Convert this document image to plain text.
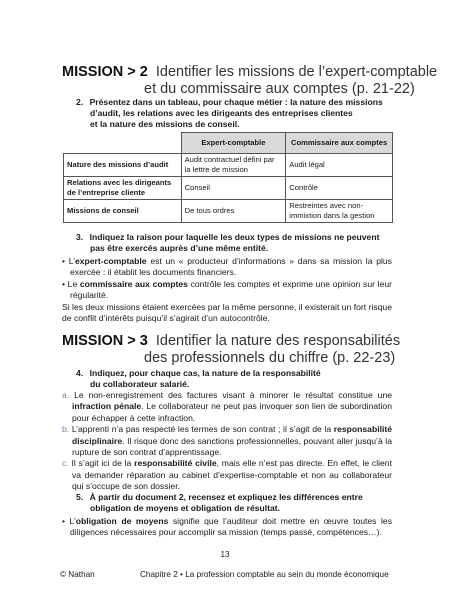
MISSION > 2 Identifier les missions de l’expert-comptable
et du commissaire aux comptes (p. 21-22)
2. Présentez dans un tableau, pour chaque métier : la nature des missions
d’audit, les relations avec les dirigeants des entreprises clientes
et la nature des missions de conseil.
	Expert-comptable	Commissaire aux comptes
Nature des missions d’audit	Audit contractuel défini par la lettre de mission	Audit légal
Relations avec les dirigeants de l’entreprise cliente	Conseil	Contrôle
Missions de conseil	De tous ordres	Restreintes avec non-immixtion dans la gestion
3. Indiquez la raison pour laquelle les deux types de missions ne peuvent
pas être exercés auprès d’une même entité.
• L’expert-comptable est un « producteur d’informations » dans sa mission la plus exercée : il établit les documents financiers.
• Le commissaire aux comptes contrôle les comptes et exprime une opinion sur leur régularité.
Si les deux missions étaient exercées par la même personne, il existerait un fort risque de conflit d’intérêts puisqu’il s’agirait d’un autocontrôle.
MISSION > 3 Identifier la nature des responsabilités
des professionnels du chiffre (p. 22-23)
4. Indiquez, pour chaque cas, la nature de la responsabilité
du collaborateur salarié.
a. Le non-enregistrement des factures visant à minorer le résultat constitue une infraction pénale. Le collaborateur ne peut pas invoquer son lien de subordination pour échapper à cette infraction.
b. L’apprenti n’a pas respecté les termes de son contrat ; il s’agit de la responsabilité disciplinaire. Il risque donc des sanctions professionnelles, pouvant aller jusqu’à la rupture de son contrat d’apprentissage.
c. Il s’agit ici de la responsabilité civile, mais elle n’est pas directe. En effet, le client va demander réparation au cabinet d’expertise-comptable et non au collaborateur qui s’occupe de son dossier.
5. À partir du document 2, recensez et expliquez les différences entre
obligation de moyens et obligation de résultat.
• L’obligation de moyens signifie que l’auditeur doit mettre en œuvre toutes les diligences nécessaires pour accomplir sa mission (temps passé, compétences…).
13
© Nathan	Chapitre 2 • La profession comptable au sein du monde économique
